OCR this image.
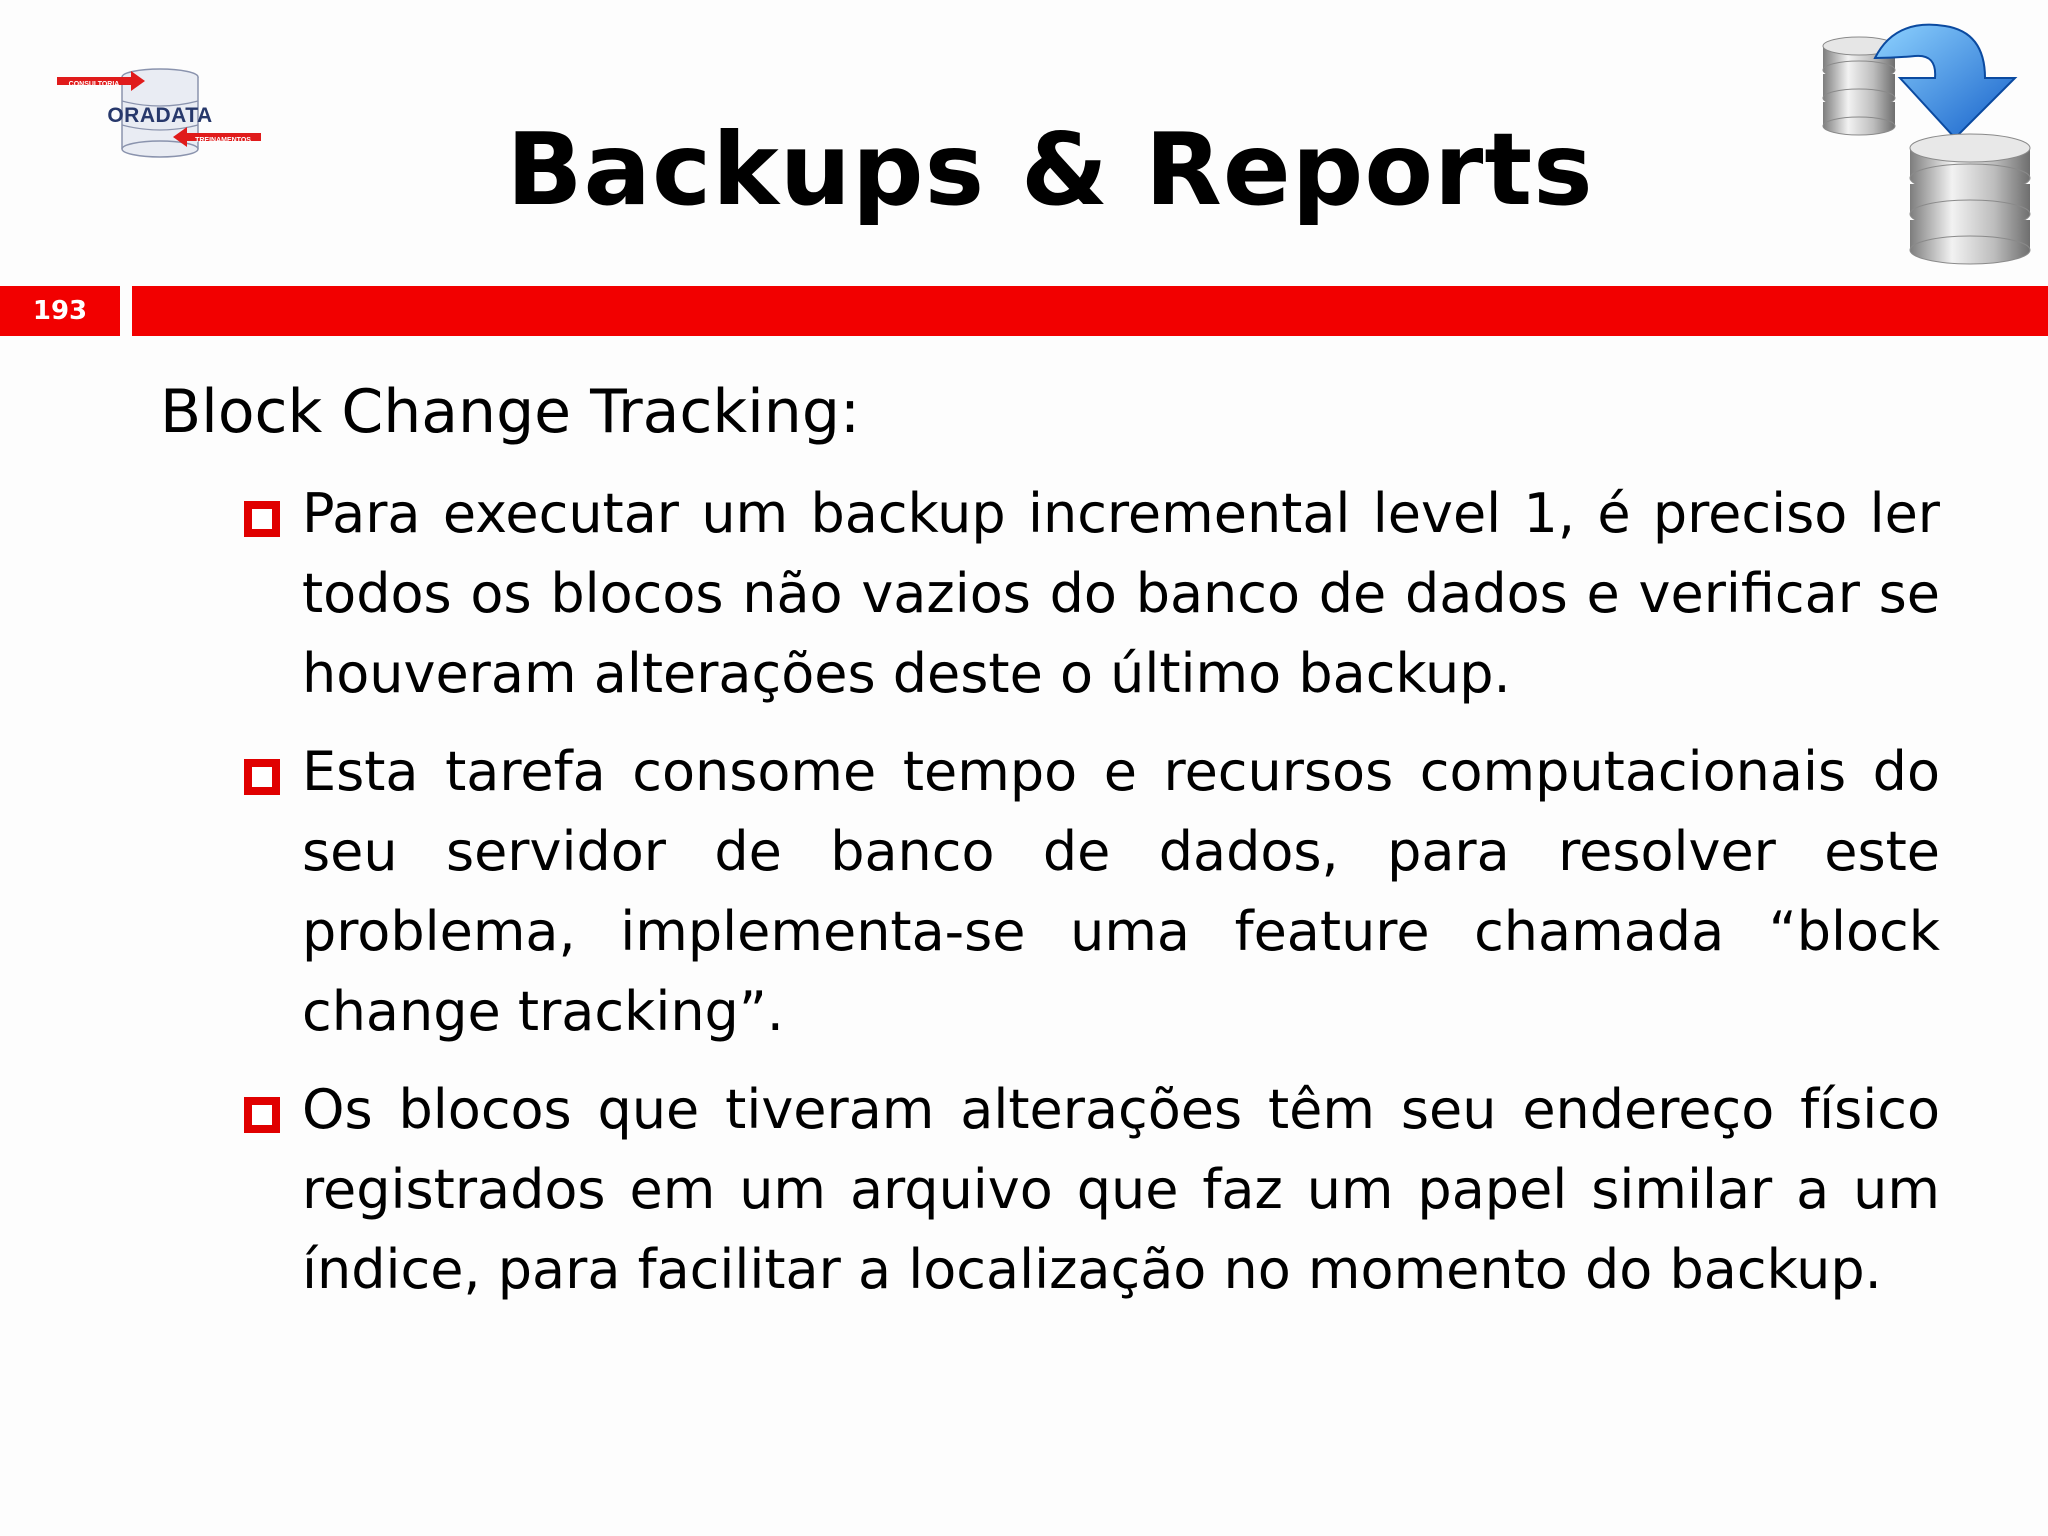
CONSULTORIA
ORADATA
TREINAMENTOS	Backups & Reports
193
Block Change Tracking:
Para executar um backup incremental level 1, é preciso ler todos os blocos não vazios do banco de dados e verificar se houveram alterações deste o último backup.
Esta tarefa consome tempo e recursos computacionais do seu servidor de banco de dados, para resolver este problema, implementa-se uma feature chamada “block change tracking”.
Os blocos que tiveram alterações têm seu endereço físico registrados em um arquivo que faz um papel similar a um índice, para facilitar a localização no momento do backup.
